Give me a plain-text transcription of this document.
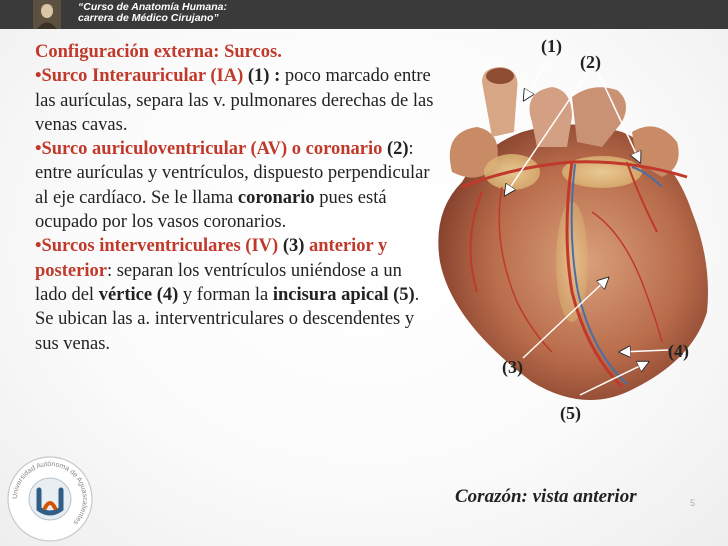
“Curso de Anatomía Humana:
carrera de Médico Cirujano”

Configuración externa: Surcos.

•Surco Interauricular (IA) (1) : poco marcado entre las aurículas, separa las v. pulmonares derechas de las venas cavas.

•Surco auriculoventricular (AV) o coronario (2): entre aurículas y ventrículos, dispuesto perpendicular al eje cardíaco. Se le llama coronario pues está ocupado por los vasos coronarios.

•Surcos interventriculares (IV) (3) anterior y posterior: separan los ventrículos uniéndose a un lado del vértice (4) y forman la incisura apical (5). Se ubican las a. interventriculares o descendentes y sus venas.

(1)
(2)
(3)
(4)
(5)
Corazón: vista anterior	5
Universidad Autónoma de Aguascalientes
